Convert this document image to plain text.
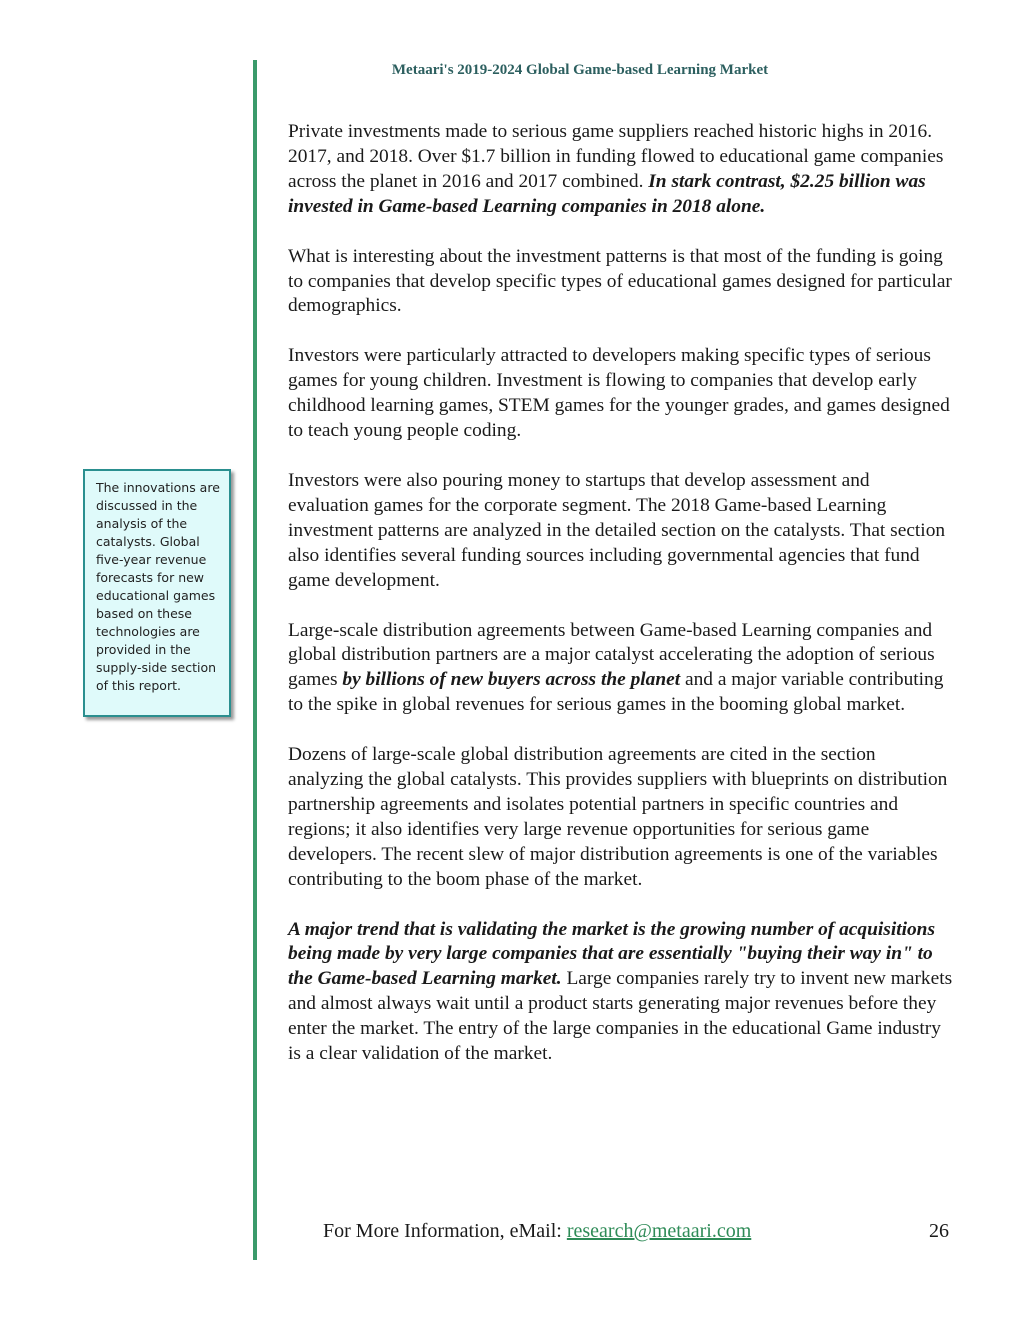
Metaari's 2019-2024 Global Game-based Learning Market
The innovations are discussed in the analysis of the catalysts. Global five-year revenue forecasts for new educational games based on these technologies are provided in the supply-side section of this report.

Private investments made to serious game suppliers reached historic highs in 2016. 2017, and 2018. Over $1.7 billion in funding flowed to educational game companies across the planet in 2016 and 2017 combined. In stark contrast, $2.25 billion was invested in Game-based Learning companies in 2018 alone.

What is interesting about the investment patterns is that most of the funding is going to companies that develop specific types of educational games designed for particular demographics.

Investors were particularly attracted to developers making specific types of serious games for young children. Investment is flowing to companies that develop early childhood learning games, STEM games for the younger grades, and games designed to teach young people coding.

Investors were also pouring money to startups that develop assessment and evaluation games for the corporate segment. The 2018 Game-based Learning investment patterns are analyzed in the detailed section on the catalysts. That section also identifies several funding sources including governmental agencies that fund game development.

Large-scale distribution agreements between Game-based Learning companies and global distribution partners are a major catalyst accelerating the adoption of serious games by billions of new buyers across the planet and a major variable contributing to the spike in global revenues for serious games in the booming global market.

Dozens of large-scale global distribution agreements are cited in the section analyzing the global catalysts. This provides suppliers with blueprints on distribution partnership agreements and isolates potential partners in specific countries and regions; it also identifies very large revenue opportunities for serious game developers. The recent slew of major distribution agreements is one of the variables contributing to the boom phase of the market.

A major trend that is validating the market is the growing number of acquisitions being made by very large companies that are essentially "buying their way in" to the Game-based Learning market. Large companies rarely try to invent new markets and almost always wait until a product starts generating major revenues before they enter the market. The entry of the large companies in the educational Game industry is a clear validation of the market.

For More Information, eMail: research@metaari.com	26
